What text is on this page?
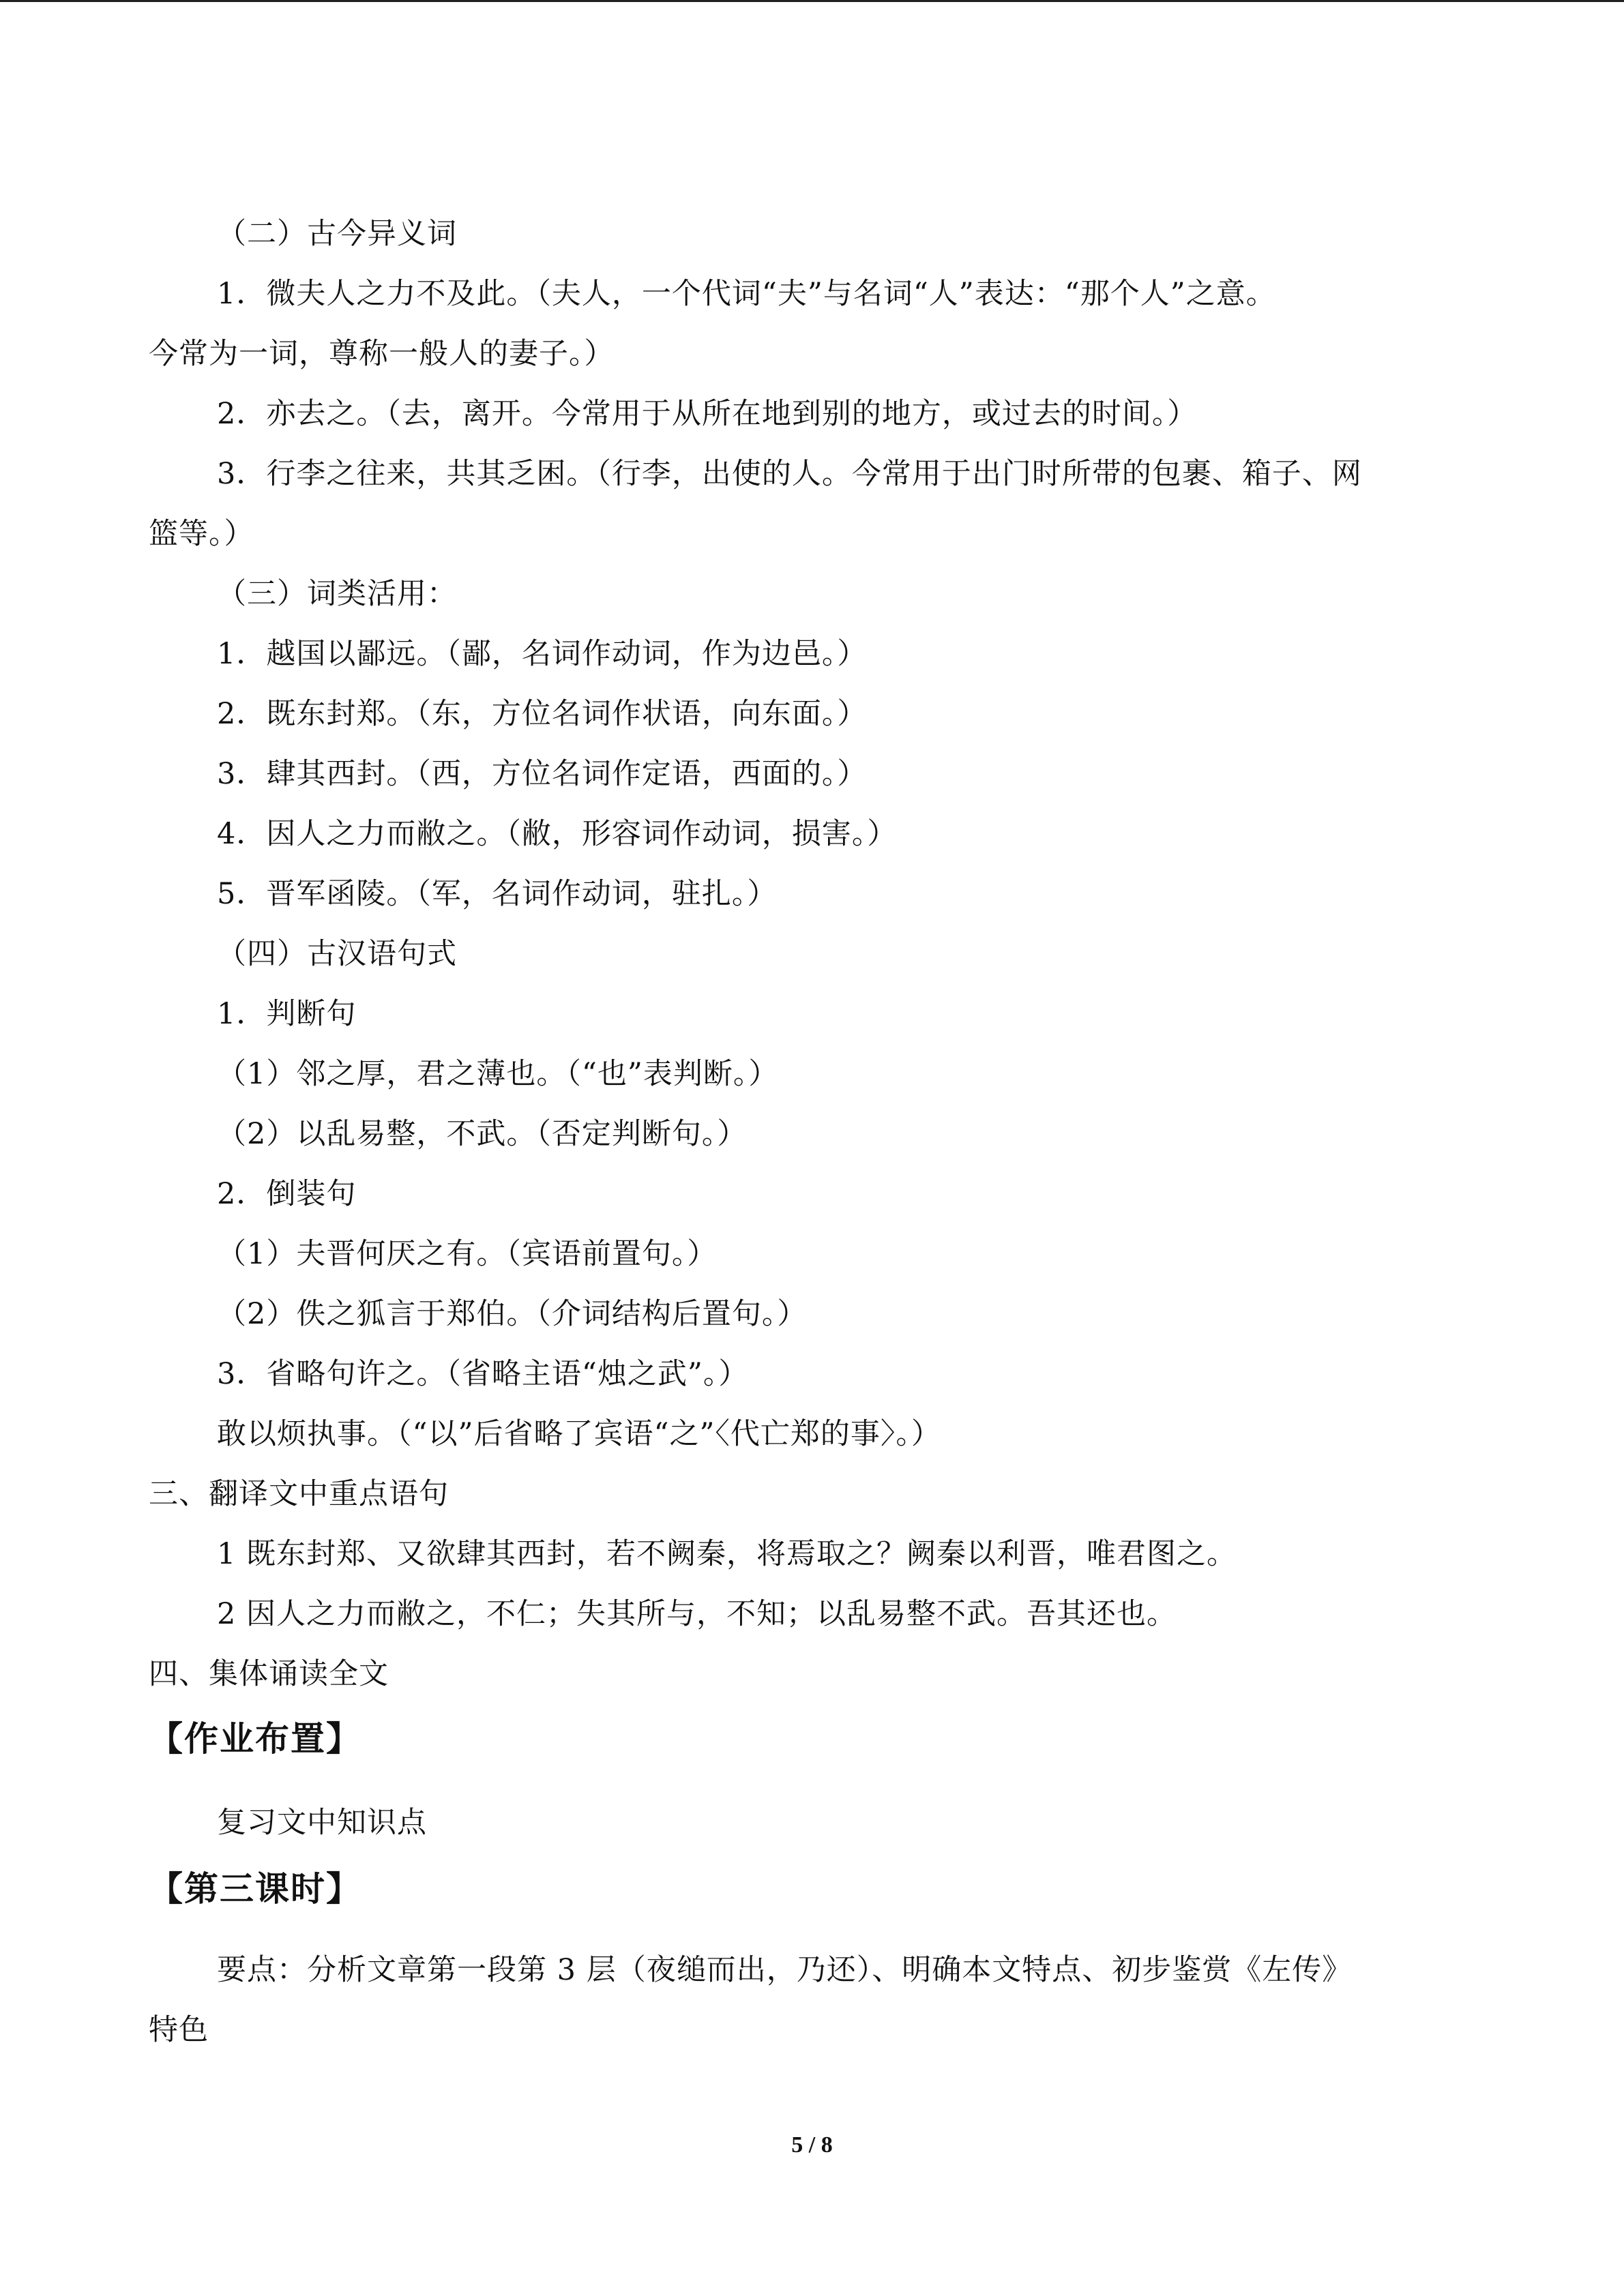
（二）古今异义词
1．微夫人之力不及此。（夫人，一个代词“夫”与名词“人”表达：“那个人”之意。
今常为一词，尊称一般人的妻子。）
2．亦去之。（去，离开。今常用于从所在地到别的地方，或过去的时间。）
3．行李之往来，共其乏困。（行李，出使的人。今常用于出门时所带的包裹、箱子、网
篮等。）
（三）词类活用：
1．越国以鄙远。（鄙，名词作动词，作为边邑。）
2．既东封郑。（东，方位名词作状语，向东面。）
3．肆其西封。（西，方位名词作定语，西面的。）
4．因人之力而敝之。（敝，形容词作动词，损害。）
5．晋军函陵。（军，名词作动词，驻扎。）
（四）古汉语句式
1．判断句
（1）邻之厚，君之薄也。（“也”表判断。）
（2）以乱易整，不武。（否定判断句。）
2．倒装句
（1）夫晋何厌之有。（宾语前置句。）
（2）佚之狐言于郑伯。（介词结构后置句。）
3．省略句许之。（省略主语“烛之武”。）
敢以烦执事。（“以”后省略了宾语“之”〈代亡郑的事〉。）
三、翻译文中重点语句
1 既东封郑、又欲肆其西封，若不阙秦，将焉取之？阙秦以利晋，唯君图之。
2 因人之力而敝之，不仁；失其所与，不知；以乱易整不武。吾其还也。
四、集体诵读全文
【作业布置】
复习文中知识点
【第三课时】
要点：分析文章第一段第 3 层（夜缒而出，乃还）、明确本文特点、初步鉴赏《左传》
特色
5 / 8
